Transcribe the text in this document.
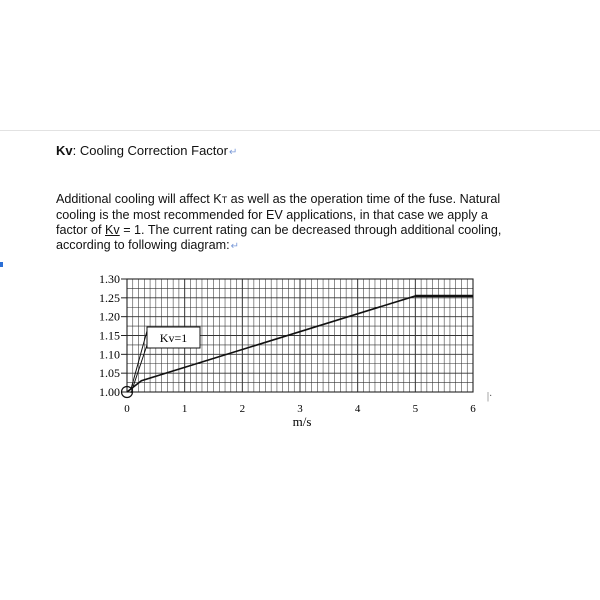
Kv: Cooling Correction Factor↵
Additional cooling will affect KT as well as the operation time of the fuse. Natural
cooling is the most recommended for EV applications, in that case we apply a
factor of Kv = 1. The current rating can be decreased through additional cooling,
according to following diagram:↵
1.00
1.05
1.10
1.15
1.20
1.25
1.30
0	1	2	3	4	5	6
Kv=1
m/s
|·
